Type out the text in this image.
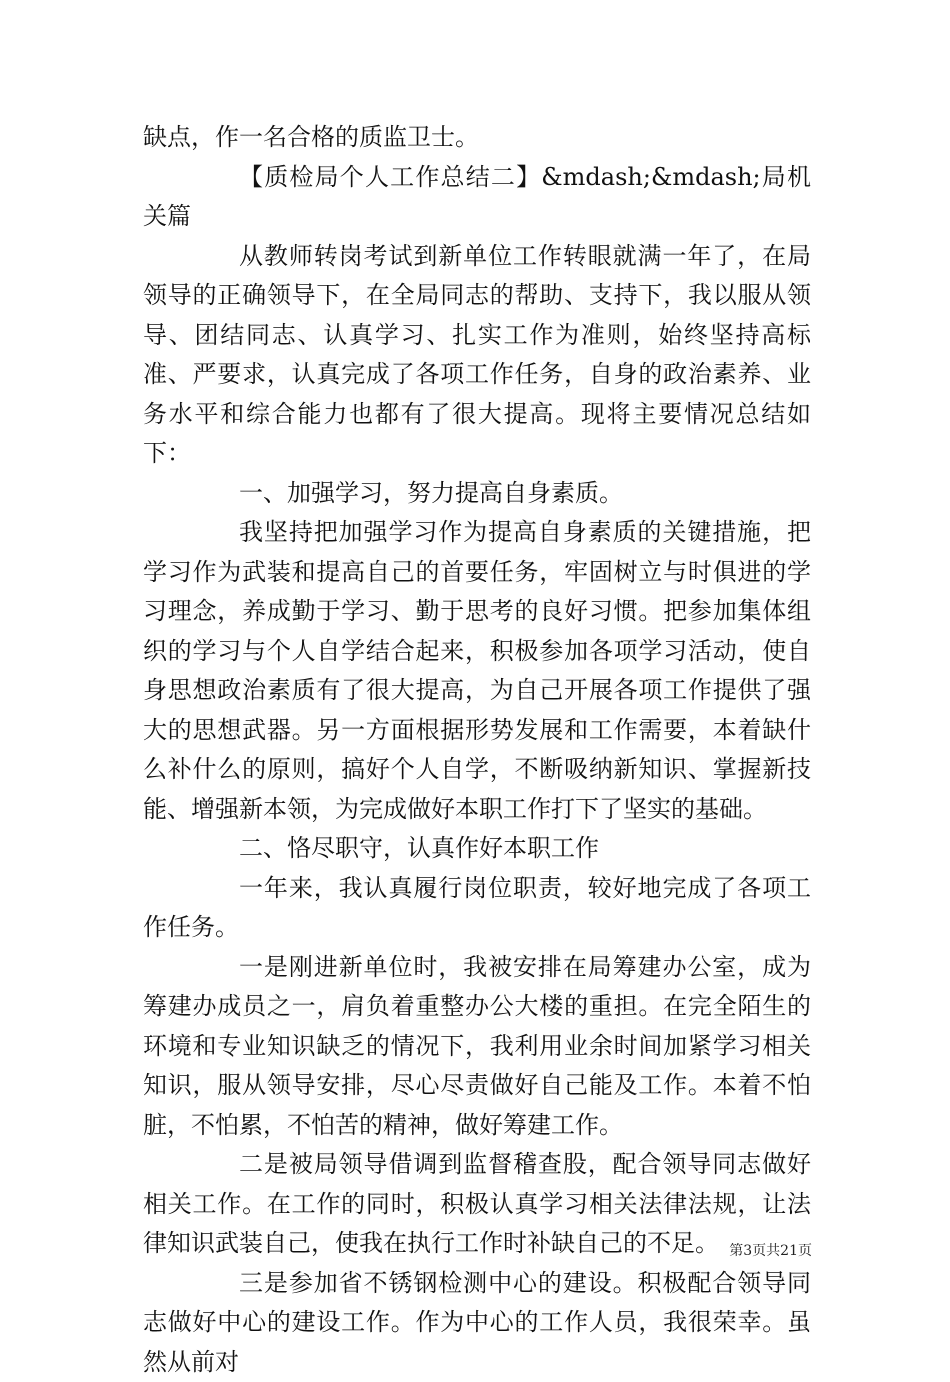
缺点，作一名合格的质监卫士。

【质检局个人工作总结二】&mdash;&mdash;局机关篇

从教师转岗考试到新单位工作转眼就满一年了，在局领导的正确领导下，在全局同志的帮助、支持下，我以服从领导、团结同志、认真学习、扎实工作为准则，始终坚持高标准、严要求，认真完成了各项工作任务，自身的政治素养、业务水平和综合能力也都有了很大提高。现将主要情况总结如下：

一、加强学习，努力提高自身素质。

我坚持把加强学习作为提高自身素质的关键措施，把学习作为武装和提高自己的首要任务，牢固树立与时俱进的学习理念，养成勤于学习、勤于思考的良好习惯。把参加集体组织的学习与个人自学结合起来，积极参加各项学习活动，使自身思想政治素质有了很大提高，为自己开展各项工作提供了强大的思想武器。另一方面根据形势发展和工作需要，本着缺什么补什么的原则，搞好个人自学，不断吸纳新知识、掌握新技能、增强新本领，为完成做好本职工作打下了坚实的基础。

二、恪尽职守，认真作好本职工作

一年来，我认真履行岗位职责，较好地完成了各项工作任务。

一是刚进新单位时，我被安排在局筹建办公室，成为筹建办成员之一，肩负着重整办公大楼的重担。在完全陌生的环境和专业知识缺乏的情况下，我利用业余时间加紧学习相关知识，服从领导安排，尽心尽责做好自己能及工作。本着不怕脏，不怕累，不怕苦的精神，做好筹建工作。

二是被局领导借调到监督稽查股，配合领导同志做好相关工作。在工作的同时，积极认真学习相关法律法规，让法律知识武装自己，使我在执行工作时补缺自己的不足。

三是参加省不锈钢检测中心的建设。积极配合领导同志做好中心的建设工作。作为中心的工作人员，我很荣幸。虽然从前对

第3页共21页
